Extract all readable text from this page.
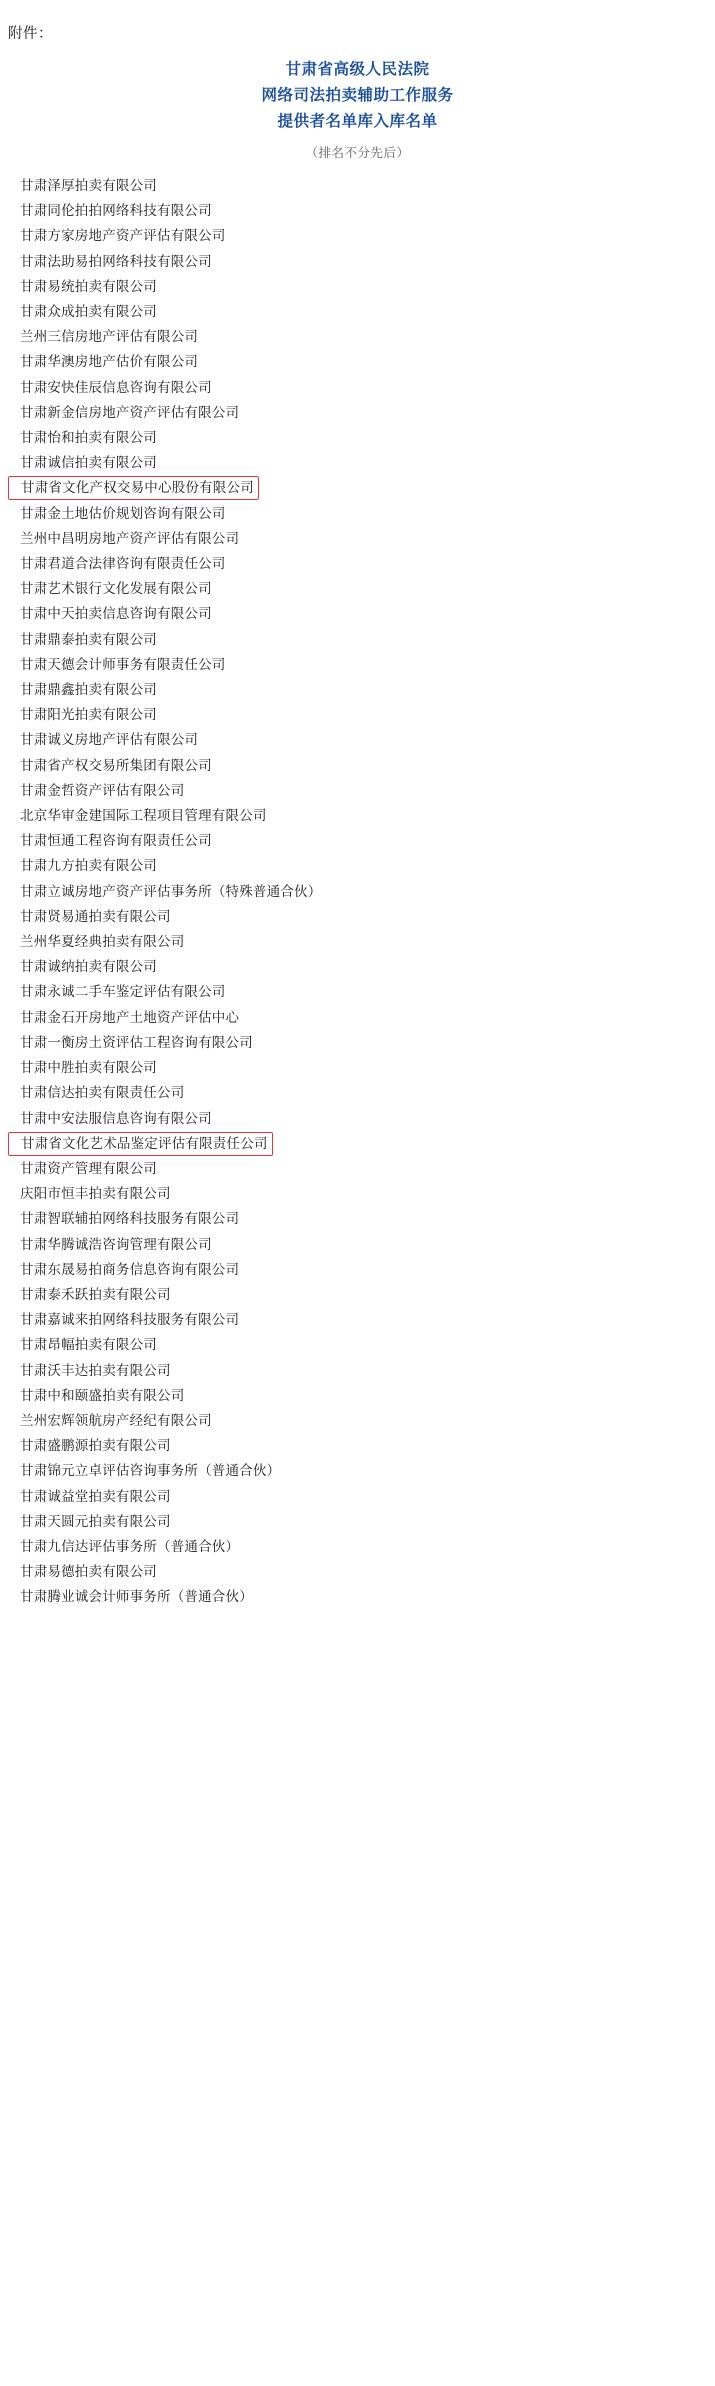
附件：
甘肃省高级人民法院
网络司法拍卖辅助工作服务
提供者名单库入库名单
（排名不分先后）
甘肃泽厚拍卖有限公司
甘肃同伦拍拍网络科技有限公司
甘肃方家房地产资产评估有限公司
甘肃法助易拍网络科技有限公司
甘肃易统拍卖有限公司
甘肃众成拍卖有限公司
兰州三信房地产评估有限公司
甘肃华澳房地产估价有限公司
甘肃安快佳辰信息咨询有限公司
甘肃新金信房地产资产评估有限公司
甘肃怡和拍卖有限公司
甘肃诚信拍卖有限公司
甘肃省文化产权交易中心股份有限公司
甘肃金土地估价规划咨询有限公司
兰州中昌明房地产资产评估有限公司
甘肃君道合法律咨询有限责任公司
甘肃艺术银行文化发展有限公司
甘肃中天拍卖信息咨询有限公司
甘肃鼎泰拍卖有限公司
甘肃天德会计师事务有限责任公司
甘肃鼎鑫拍卖有限公司
甘肃阳光拍卖有限公司
甘肃诚义房地产评估有限公司
甘肃省产权交易所集团有限公司
甘肃金哲资产评估有限公司
北京华审金建国际工程项目管理有限公司
甘肃恒通工程咨询有限责任公司
甘肃九方拍卖有限公司
甘肃立诚房地产资产评估事务所（特殊普通合伙）
甘肃贤易通拍卖有限公司
兰州华夏经典拍卖有限公司
甘肃诚纳拍卖有限公司
甘肃永诚二手车鉴定评估有限公司
甘肃金石开房地产土地资产评估中心
甘肃一衡房土资评估工程咨询有限公司
甘肃中胜拍卖有限公司
甘肃信达拍卖有限责任公司
甘肃中安法服信息咨询有限公司
甘肃省文化艺术品鉴定评估有限责任公司
甘肃资产管理有限公司
庆阳市恒丰拍卖有限公司
甘肃智联辅拍网络科技服务有限公司
甘肃华腾诚浩咨询管理有限公司
甘肃东晟易拍商务信息咨询有限公司
甘肃泰禾跃拍卖有限公司
甘肃嘉诚来拍网络科技服务有限公司
甘肃昂幅拍卖有限公司
甘肃沃丰达拍卖有限公司
甘肃中和颐盛拍卖有限公司
兰州宏辉领航房产经纪有限公司
甘肃盛鹏源拍卖有限公司
甘肃锦元立卓评估咨询事务所（普通合伙）
甘肃诚益堂拍卖有限公司
甘肃天圆元拍卖有限公司
甘肃九信达评估事务所（普通合伙）
甘肃易德拍卖有限公司
甘肃腾业诚会计师事务所（普通合伙）
